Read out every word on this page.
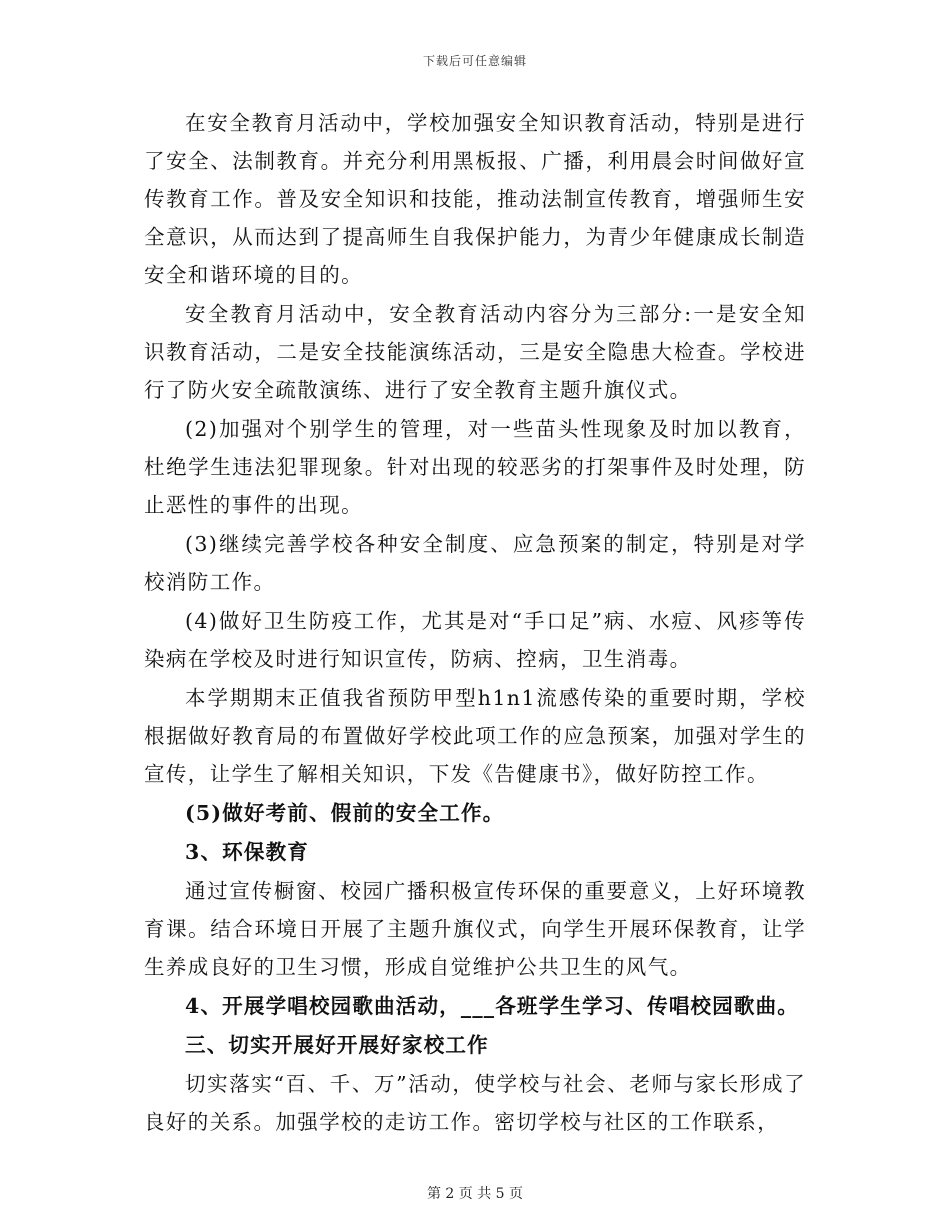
下载后可任意编辑

在安全教育月活动中，学校加强安全知识教育活动，特别是进行了安全、法制教育。并充分利用黑板报、广播，利用晨会时间做好宣传教育工作。普及安全知识和技能，推动法制宣传教育，增强师生安全意识，从而达到了提高师生自我保护能力，为青少年健康成长制造安全和谐环境的目的。

安全教育月活动中，安全教育活动内容分为三部分:一是安全知识教育活动，二是安全技能演练活动，三是安全隐患大检查。学校进行了防火安全疏散演练、进行了安全教育主题升旗仪式。

(2)加强对个别学生的管理，对一些苗头性现象及时加以教育，杜绝学生违法犯罪现象。针对出现的较恶劣的打架事件及时处理，防止恶性的事件的出现。

(3)继续完善学校各种安全制度、应急预案的制定，特别是对学校消防工作。

(4)做好卫生防疫工作，尤其是对“手口足”病、水痘、风疹等传染病在学校及时进行知识宣传，防病、控病，卫生消毒。

本学期期末正值我省预防甲型h1n1流感传染的重要时期，学校根据做好教育局的布置做好学校此项工作的应急预案，加强对学生的宣传，让学生了解相关知识，下发《告健康书》，做好防控工作。

(5)做好考前、假前的安全工作。

3、环保教育

通过宣传橱窗、校园广播积极宣传环保的重要意义，上好环境教育课。结合环境日开展了主题升旗仪式，向学生开展环保教育，让学生养成良好的卫生习惯，形成自觉维护公共卫生的风气。

4、开展学唱校园歌曲活动，___各班学生学习、传唱校园歌曲。

三、切实开展好开展好家校工作

切实落实“百、千、万”活动，使学校与社会、老师与家长形成了良好的关系。加强学校的走访工作。密切学校与社区的工作联系，

第 2 页 共 5 页
